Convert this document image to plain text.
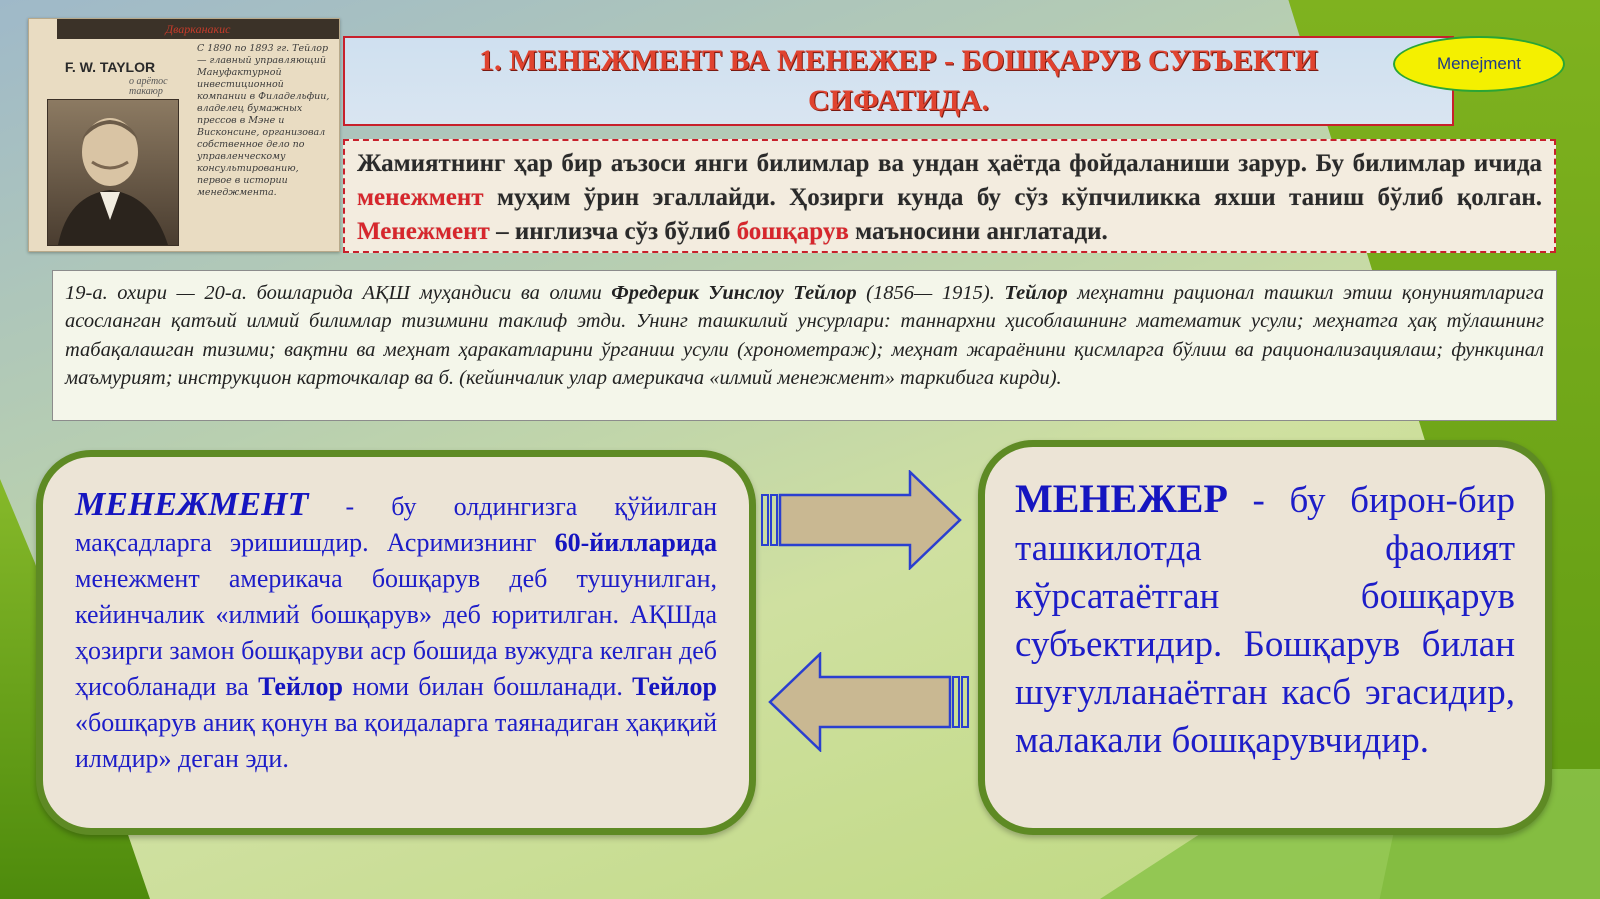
Дварканакис
F. W. TAYLOR
о арётос такаюр
С 1890 по 1893 гг. Тейлор — главный управляющий Мануфактурной инвестиционной компании в Филадельфии, владелец бумажных прессов в Мэне и Висконсине, организовал собственное дело по управленческому консультированию, первое в истории менеджмента.
1. МЕНЕЖМЕНТ ВА МЕНЕЖЕР - БОШҚАРУВ СУБЪЕКТИ СИФАТИДА.
Menejment
Жамиятнинг ҳар бир аъзоси янги билимлар ва ундан ҳаётда фойдаланиши зарур. Бу билимлар ичида менежмент муҳим ўрин эгаллайди. Ҳозирги кунда бу сўз кўпчиликка яхши таниш бўлиб қолган. Менежмент – инглизча сўз бўлиб бошқарув маъносини англатади.
19-а. охири — 20-а. бошларида АҚШ муҳандиси ва олими Фредерик Уинслоу Тейлор (1856— 1915). Тейлор меҳнатни рационал ташкил этиш қонуниятларига асосланган қатъий илмий билимлар тизимини таклиф этди. Унинг ташкилий унсурлари: таннархни ҳисоблашнинг математик усули; меҳнатга ҳақ тўлашнинг табақалашган тизими; вақтни ва меҳнат ҳаракатларини ўрганиш усули (хронометраж); меҳнат жараёнини қисмларга бўлиш ва рационализациялаш; функцинал маъмурият; инструкцион карточкалар ва б. (кейинчалик улар америкача «илмий менежмент» таркибига кирди).
МЕНЕЖМЕНТ - бу олдингизга қўйилган мақсадларга эришишдир. Асримизнинг 60-йилларида менежмент америкача бошқарув деб тушунилган, кейинчалик «илмий бошқарув» деб юритилган. АҚШда ҳозирги замон бошқаруви аср бошида вужудга келган деб ҳисобланади ва Тейлор номи билан бошланади. Тейлор «бошқарув аниқ қонун ва қоидаларга таянадиган ҳақиқий илмдир» деган эди.
МЕНЕЖЕР - бу бирон-бир ташкилотда фаолият кўрсатаётган бошқарув субъектидир. Бошқарув билан шуғулланаётган касб эгасидир, малакали бошқарувчидир.
